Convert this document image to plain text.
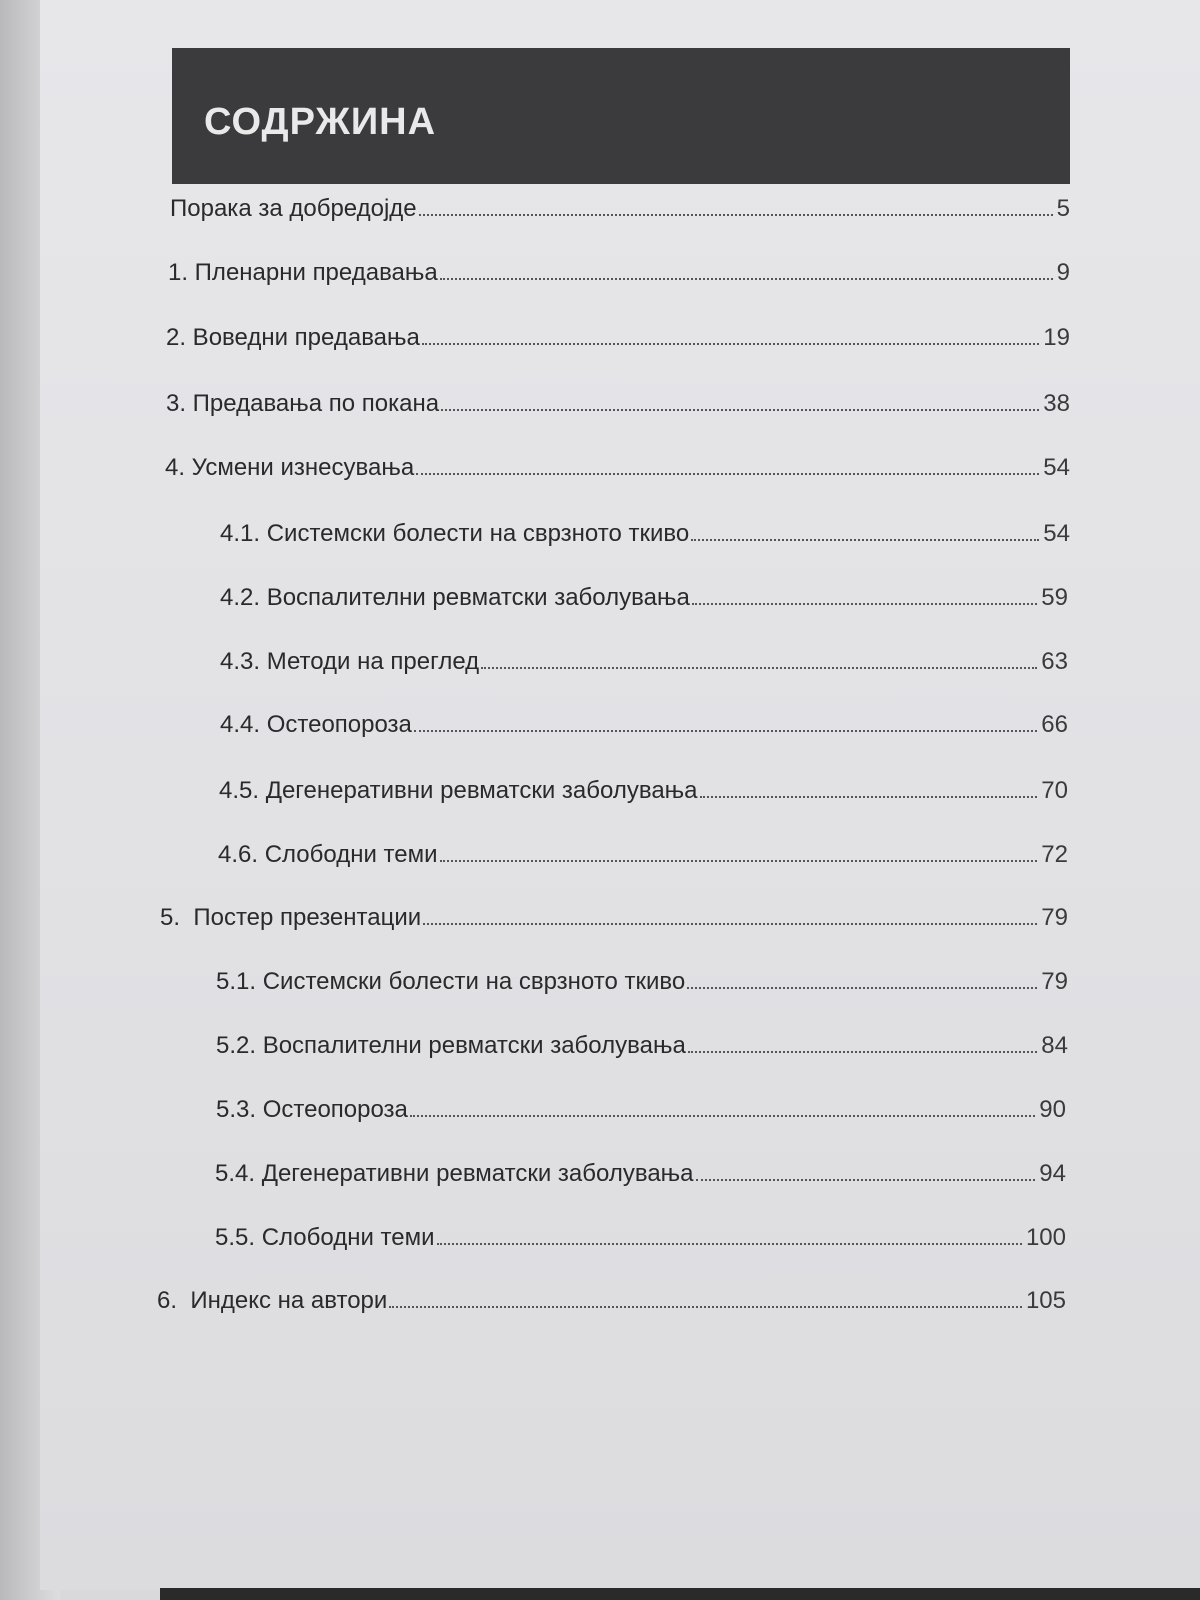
СОДРЖИНА
Порака за добредојде	5
1. Пленарни предавања	9
2. Воведни предавања	19
3. Предавања по покана	38
4. Усмени изнесувања	54
4.1. Системски болести на сврзното ткиво	54
4.2. Воспалителни ревматски заболувања	59
4.3. Методи на преглед	63
4.4. Остеопороза	66
4.5. Дегенеративни ревматски заболувања	70
4.6. Слободни теми	72
5.  Постер презентации	79
5.1. Системски болести на сврзното ткиво	79
5.2. Воспалителни ревматски заболувања	84
5.3. Остеопороза	90
5.4. Дегенеративни ревматски заболувања	94
5.5. Слободни теми	100
6.  Индекс на автори	105
